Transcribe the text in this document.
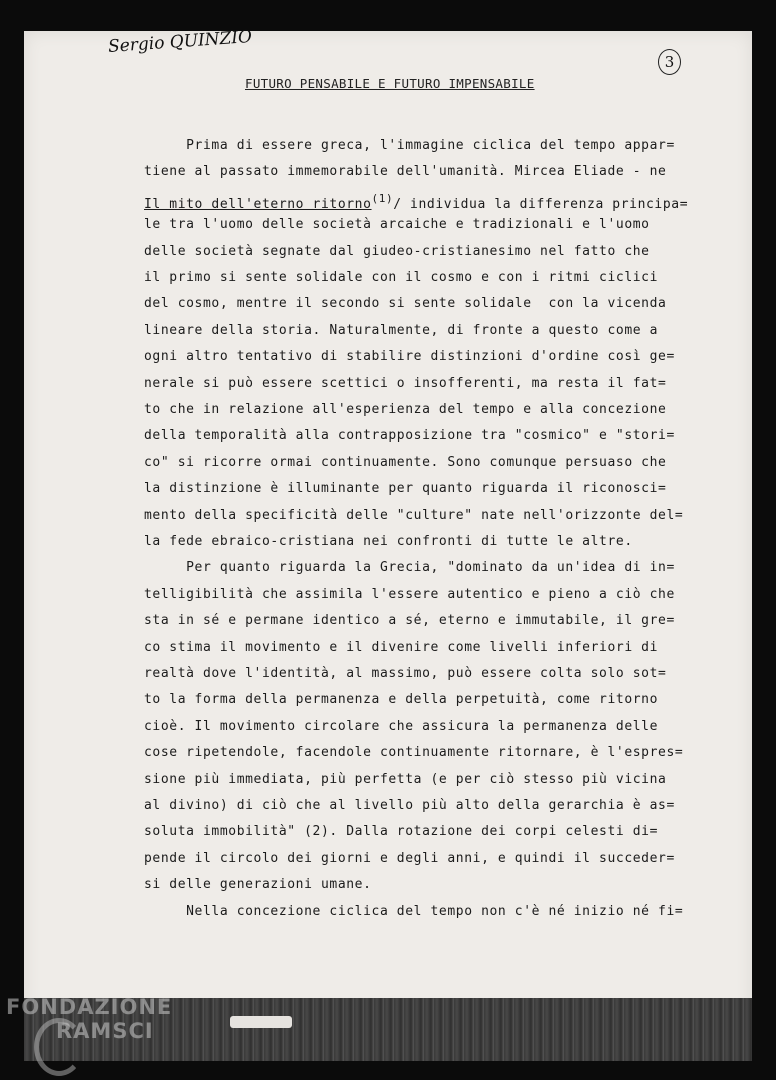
Sergio QUINZIO
3
FUTURO PENSABILE E FUTURO IMPENSABILE
Prima di essere greca, l'immagine ciclica del tempo appar=
tiene al passato immemorabile dell'umanità. Mircea Eliade - ne
Il mito dell'eterno ritorno$^{(1)}$/ individua la differenza principa=
le tra l'uomo delle società arcaiche e tradizionali e l'uomo
delle società segnate dal giudeo-cristianesimo nel fatto che
il primo si sente solidale con il cosmo e con i ritmi ciclici
del cosmo, mentre il secondo si sente solidale  con la vicenda
lineare della storia. Naturalmente, di fronte a questo come a
ogni altro tentativo di stabilire distinzioni d'ordine così ge=
nerale si può essere scettici o insofferenti, ma resta il fat=
to che in relazione all'esperienza del tempo e alla concezione
della temporalità alla contrapposizione tra "cosmico" e "stori=
co" si ricorre ormai continuamente. Sono comunque persuaso che
la distinzione è illuminante per quanto riguarda il riconosci=
mento della specificità delle "culture" nate nell'orizzonte del=
la fede ebraico-cristiana nei confronti di tutte le altre.
Per quanto riguarda la Grecia, "dominato da un'idea di in=
telligibilità che assimila l'essere autentico e pieno a ciò che
sta in sé e permane identico a sé, eterno e immutabile, il gre=
co stima il movimento e il divenire come livelli inferiori di
realtà dove l'identità, al massimo, può essere colta solo sot=
to la forma della permanenza e della perpetuità, come ritorno
cioè. Il movimento circolare che assicura la permanenza delle
cose ripetendole, facendole continuamente ritornare, è l'espres=
sione più immediata, più perfetta (e per ciò stesso più vicina
al divino) di ciò che al livello più alto della gerarchia è as=
soluta immobilità" (2). Dalla rotazione dei corpi celesti di=
pende il circolo dei giorni e degli anni, e quindi il succeder=
si delle generazioni umane.
Nella concezione ciclica del tempo non c'è né inizio né fi=
FONDAZIONE
RAMSCI
